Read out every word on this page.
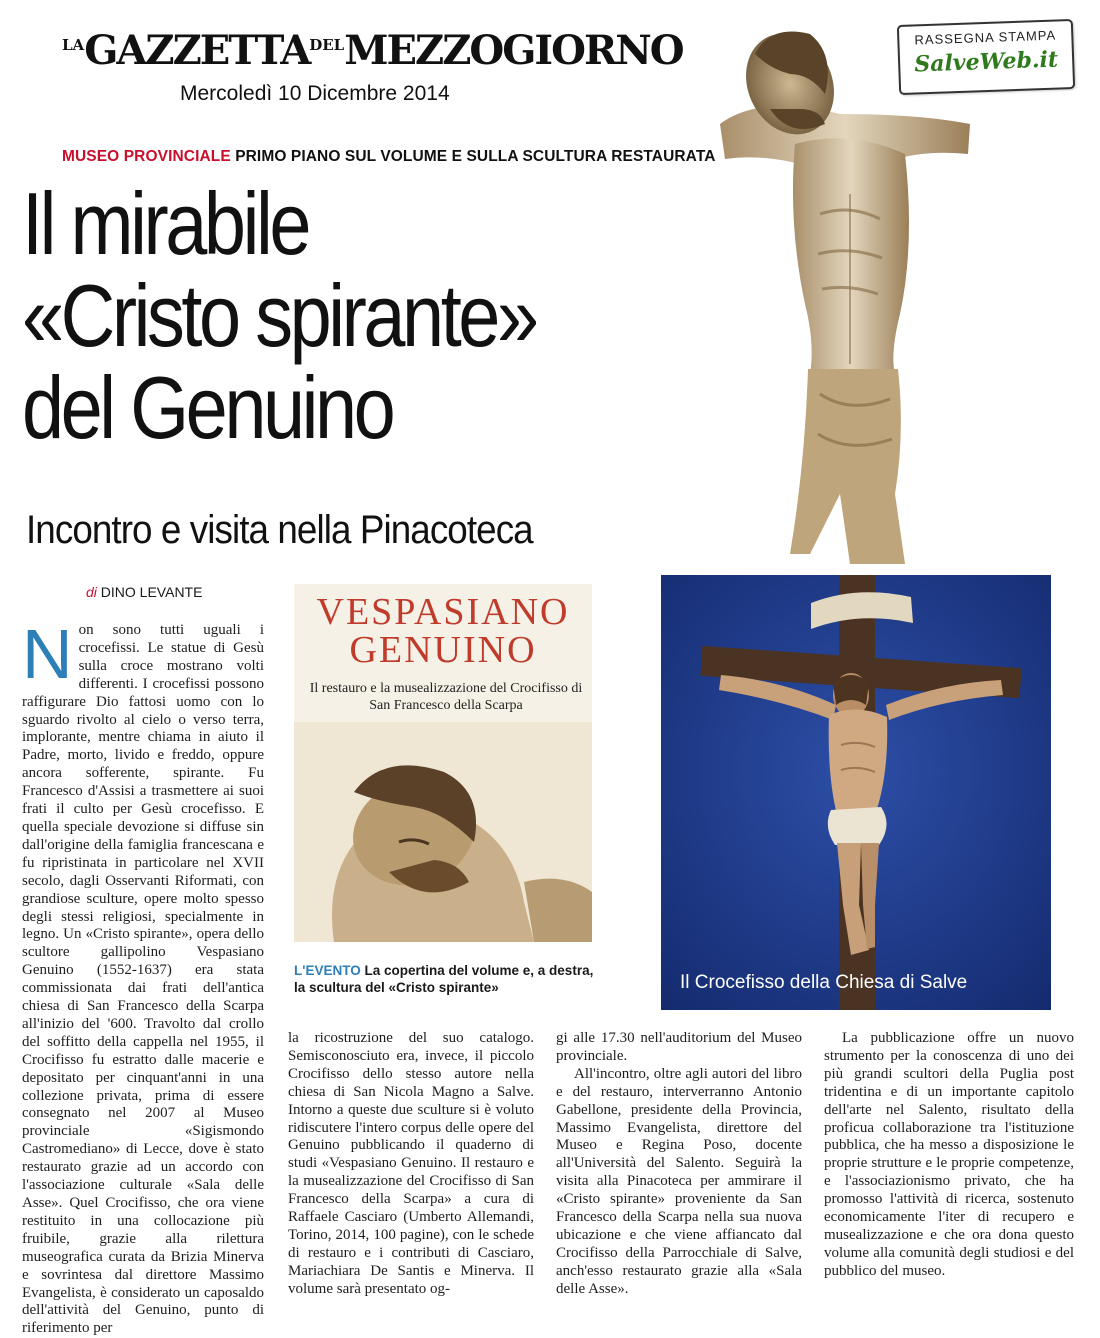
$^{LA}GAZZETTA^{DEL}MEZZOGIORNO$
Mercoledì 10 Dicembre 2014
RASSEGNA STAMPA
SalveWeb.it
MUSEO PROVINCIALE PRIMO PIANO SUL VOLUME E SULLA SCULTURA RESTAURATA
Il mirabile
«Cristo spirante»
del Genuino
Incontro e visita nella Pinacoteca
di DINO LEVANTE
N on sono tutti uguali i crocefissi. Le statue di Gesù sulla croce mostrano volti differenti. I crocefissi possono raffigurare Dio fattosi uomo con lo sguardo rivolto al cielo o verso terra, implorante, mentre chiama in aiuto il Padre, morto, livido e freddo, oppure ancora sofferente, spirante. Fu Francesco d'Assisi a trasmettere ai suoi frati il culto per Gesù crocefisso. E quella speciale devozione si diffuse sin dall'origine della famiglia francescana e fu ripristinata in particolare nel XVII secolo, dagli Osservanti Riformati, con grandiose sculture, opere molto spesso degli stessi religiosi, specialmente in legno. Un «Cristo spirante», opera dello scultore gallipolino Vespasiano Genuino (1552-1637) era stata commissionata dai frati dell'antica chiesa di San Francesco della Scarpa all'inizio del '600. Travolto dal crollo del soffitto della cappella nel 1955, il Crocifisso fu estratto dalle macerie e depositato per cinquant'anni in una collezione privata, prima di essere consegnato nel 2007 al Museo provinciale «Sigismondo Castromediano» di Lecce, dove è stato restaurato grazie ad un accordo con l'associazione culturale «Sala delle Asse». Quel Crocifisso, che ora viene restituito in una collocazione più fruibile, grazie alla rilettura museografica curata da Brizia Minerva e sovrintesa dal direttore Massimo Evangelista, è considerato un caposaldo dell'attività del Genuino, punto di riferimento per

VESPASIANO
GENUINO
Il restauro e la musealizzazione del Crocifisso di San Francesco della Scarpa
L'EVENTO La copertina del volume e, a destra, la scultura del «Cristo spirante»	Il Crocefisso della Chiesa di Salve

la ricostruzione del suo catalogo. Semisconosciuto era, invece, il piccolo Crocifisso dello stesso autore nella chiesa di San Nicola Magno a Salve. Intorno a queste due sculture si è voluto ridiscutere l'intero corpus delle opere del Genuino pubblicando il quaderno di studi «Vespasiano Genuino. Il restauro e la musealizzazione del Crocifisso di San Francesco della Scarpa» a cura di Raffaele Casciaro (Umberto Allemandi, Torino, 2014, 100 pagine), con le schede di restauro e i contributi di Casciaro, Mariachiara De Santis e Minerva. Il volume sarà presentato og-

gi alle 17.30 nell'auditorium del Museo provinciale.

All'incontro, oltre agli autori del libro e del restauro, interverranno Antonio Gabellone, presidente della Provincia, Massimo Evangelista, direttore del Museo e Regina Poso, docente all'Università del Salento. Seguirà la visita alla Pinacoteca per ammirare il «Cristo spirante» proveniente da San Francesco della Scarpa nella sua nuova ubicazione e che viene affiancato dal Crocifisso della Parrocchiale di Salve, anch'esso restaurato grazie alla «Sala delle Asse».

La pubblicazione offre un nuovo strumento per la conoscenza di uno dei più grandi scultori della Puglia post tridentina e di un importante capitolo dell'arte nel Salento, risultato della proficua collaborazione tra l'istituzione pubblica, che ha messo a disposizione le proprie strutture e le proprie competenze, e l'associazionismo privato, che ha promosso l'attività di ricerca, sostenuto economicamente l'iter di recupero e musealizzazione e che ora dona questo volume alla comunità degli studiosi e del pubblico del museo.
